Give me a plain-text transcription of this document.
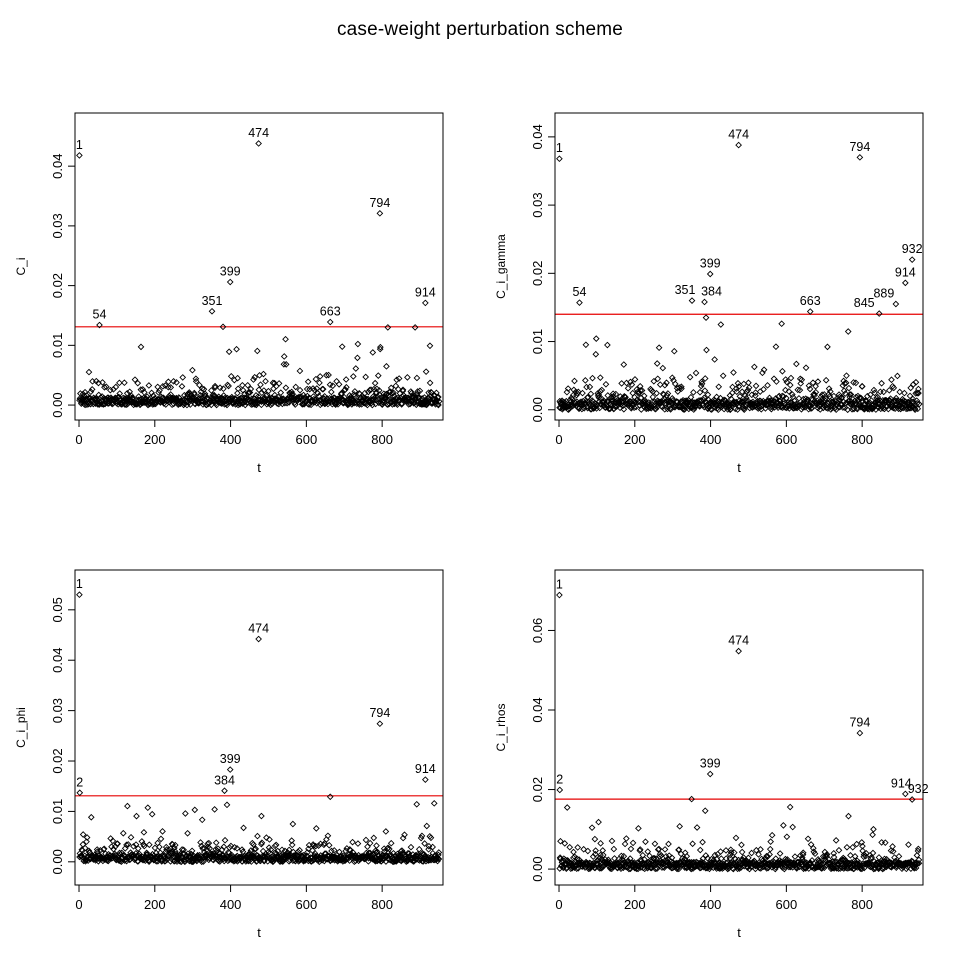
case-weight perturbation scheme
1
54
351
399
474
663
794
914
0	200	400	600	800
t
0.00
0.01
0.02
0.03
0.04
C_i
1
54	351 384
399
474
663
794
845
889
914
932
0	200	400	600	800
t
0.00
0.01
0.02
0.03
0.04
C_i_gamma
1
2	384
399
474
794
914
0	200	400	600	800
t
0.00
0.01
0.02
0.03
0.04
0.05
C_i_phi
1
2
399
474
794
914
932
0	200	400	600	800
t
0.00
0.02
0.04
0.06
C_i_rhos
